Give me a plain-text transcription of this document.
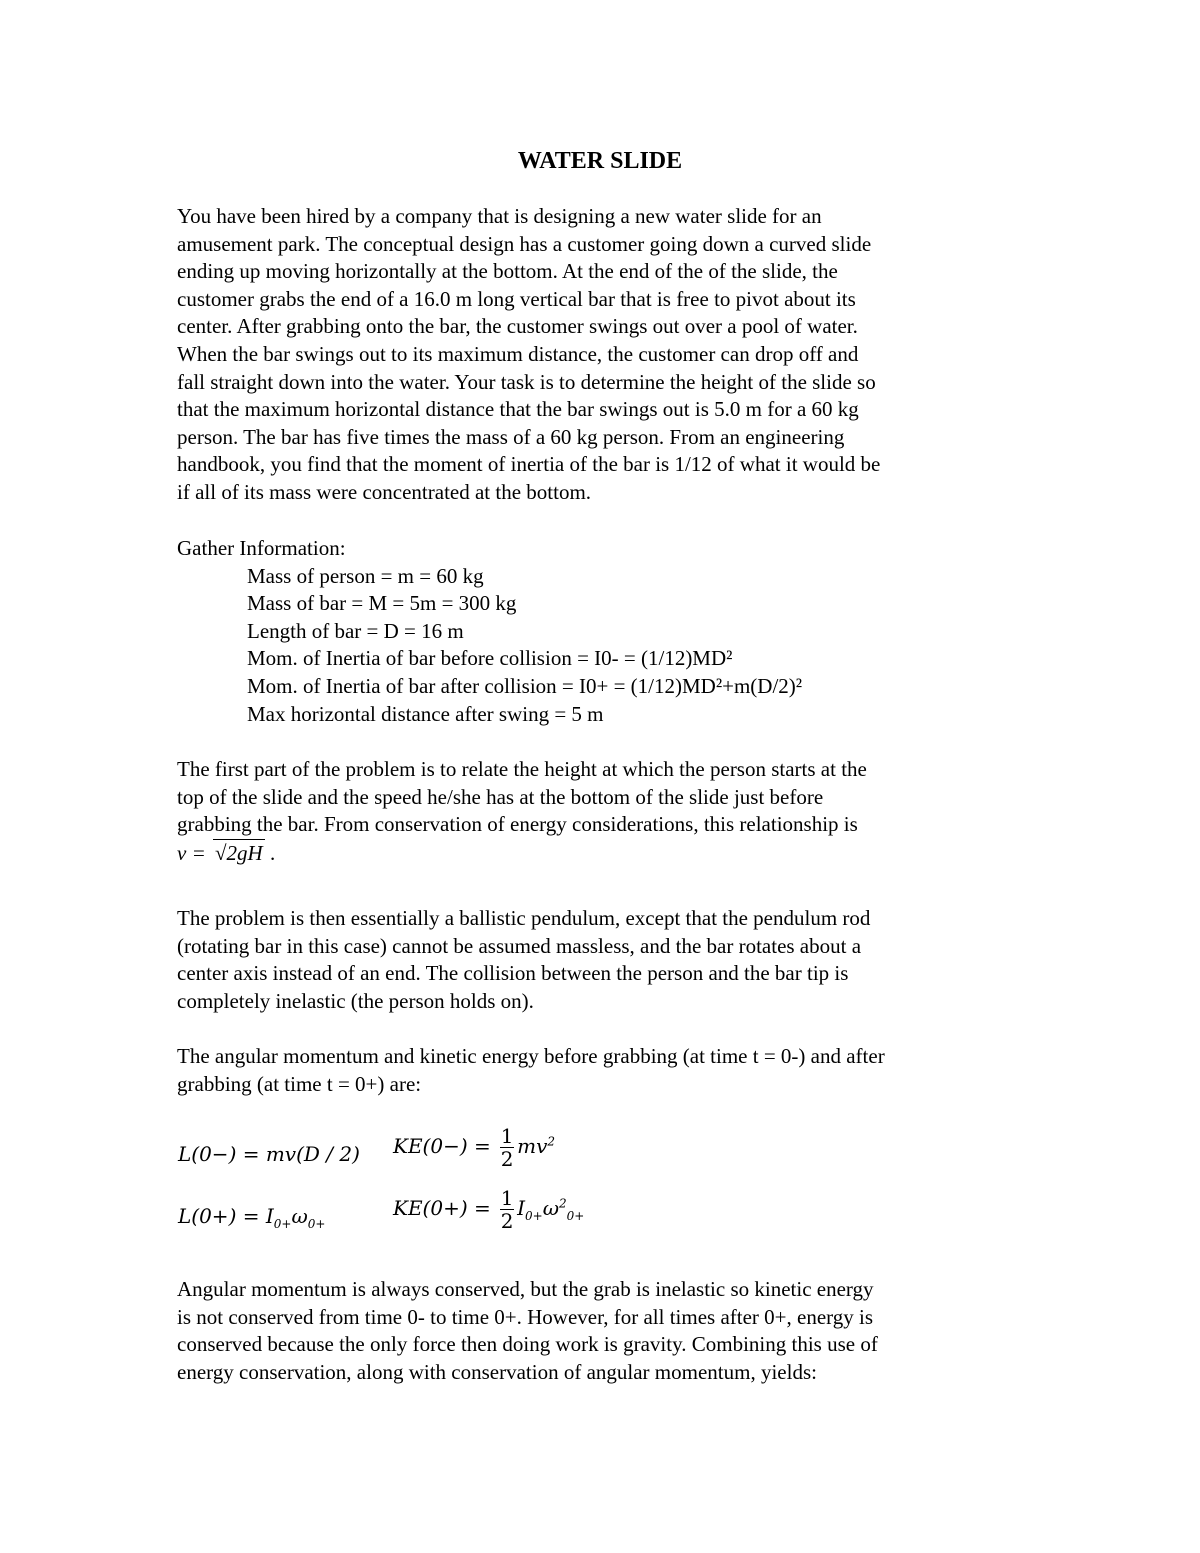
WATER SLIDE
You have been hired by a company that is designing a new water slide for an
amusement park. The conceptual design has a customer going down a curved slide
ending up moving horizontally at the bottom. At the end of the of the slide, the
customer grabs the end of a 16.0 m long vertical bar that is free to pivot about its
center. After grabbing onto the bar, the customer swings out over a pool of water.
When the bar swings out to its maximum distance, the customer can drop off and
fall straight down into the water. Your task is to determine the height of the slide so
that the maximum horizontal distance that the bar swings out is 5.0 m for a 60 kg
person. The bar has five times the mass of a 60 kg person. From an engineering
handbook, you find that the moment of inertia of the bar is 1/12 of what it would be
if all of its mass were concentrated at the bottom.
Gather Information:
Mass of person = m = 60 kg
Mass of bar = M = 5m = 300 kg
Length of bar = D = 16 m
Mom. of Inertia of bar before collision = I0- = (1/12)MD²
Mom. of Inertia of bar after collision = I0+ = (1/12)MD²+m(D/2)²
Max horizontal distance after swing = 5 m
The first part of the problem is to relate the height at which the person starts at the
top of the slide and the speed he/she has at the bottom of the slide just before
grabbing the bar. From conservation of energy considerations, this relationship is
v = √2gH .
The problem is then essentially a ballistic pendulum, except that the pendulum rod
(rotating bar in this case) cannot be assumed massless, and the bar rotates about a
center axis instead of an end. The collision between the person and the bar tip is
completely inelastic (the person holds on).
The angular momentum and kinetic energy before grabbing (at time t = 0-) and after
grabbing (at time t = 0+) are:
L(0−) = mv(D / 2) $KE(0-) = \frac{1}{2} mv^2$
$L(0+) = I_{0+}\omega_{0+}$
$KE(0+) = \frac{1}{2} I_{0+}\omega^2_{0+}$
Angular momentum is always conserved, but the grab is inelastic so kinetic energy
is not conserved from time 0- to time 0+. However, for all times after 0+, energy is
conserved because the only force then doing work is gravity. Combining this use of
energy conservation, along with conservation of angular momentum, yields:
